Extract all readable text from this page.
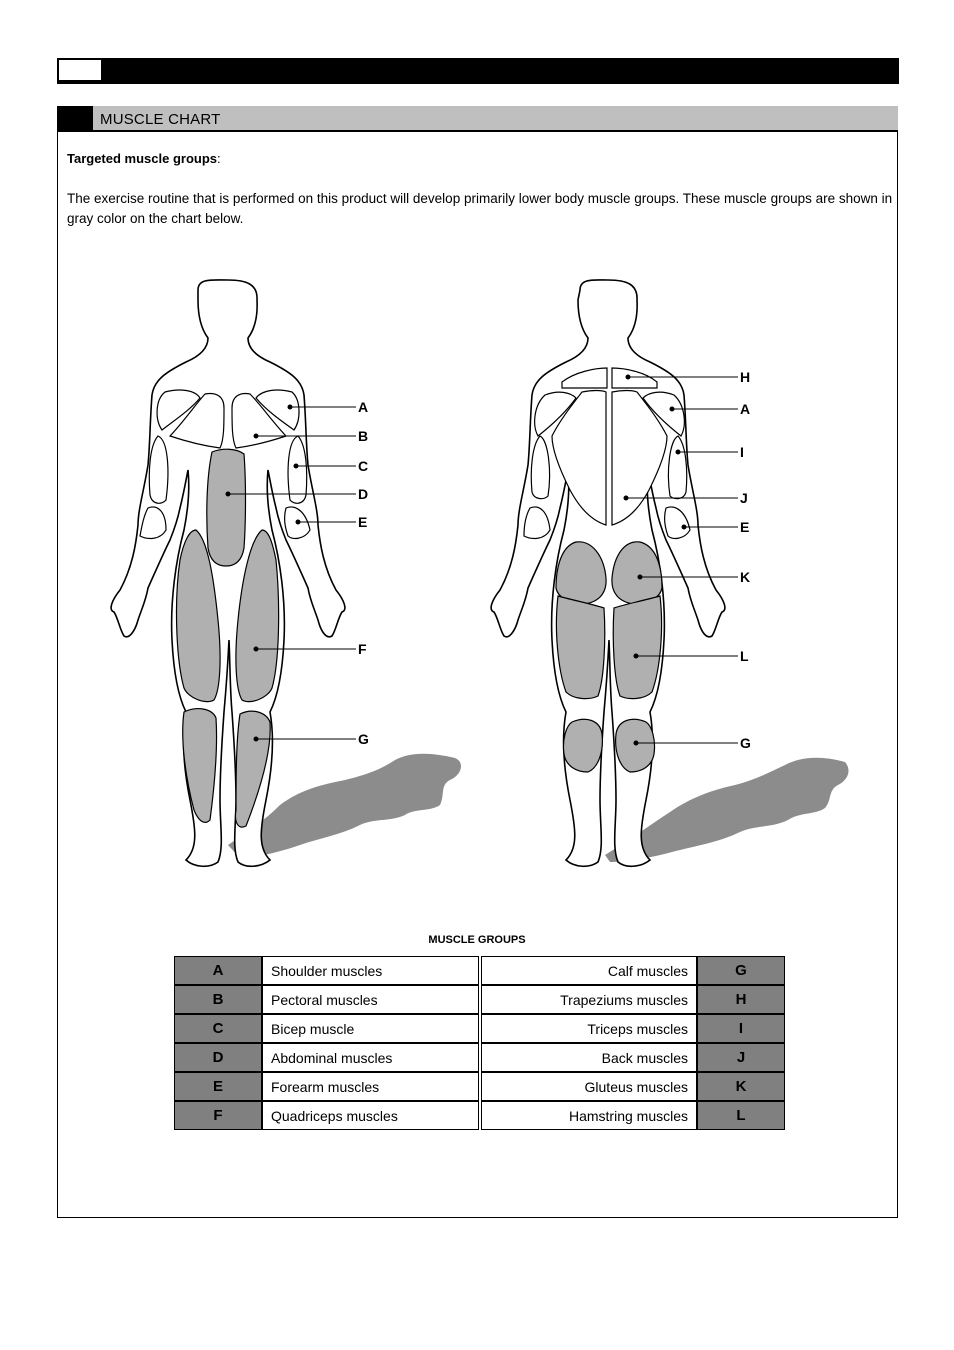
MUSCLE CHART
Targeted muscle groups:
The exercise routine that is performed on this product will develop primarily lower body muscle groups. These muscle groups are shown in gray color on the chart below.
A
B
C
D
E
F
G
H
A
I
J
E
K
L
G
MUSCLE GROUPS
A	Shoulder muscles		Calf muscles	G
B	Pectoral muscles		Trapeziums muscles	H
C	Bicep muscle		Triceps muscles	I
D	Abdominal muscles		Back muscles	J
E	Forearm muscles		Gluteus muscles	K
F	Quadriceps muscles		Hamstring muscles	L
